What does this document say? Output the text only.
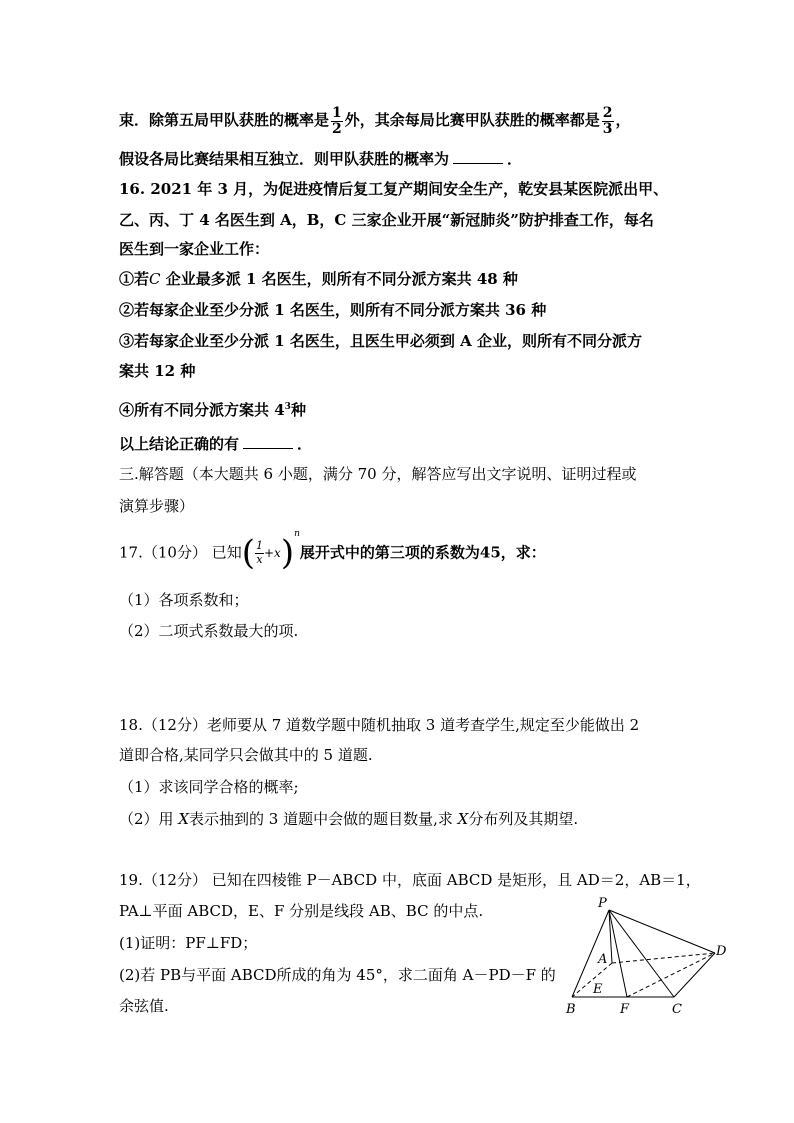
束．除第五局甲队获胜的概率是 $\frac{1}{2}$ 外，其余每局比赛甲队获胜的概率都是 $\frac{2}{3}$ ，
假设各局比赛结果相互独立．则甲队获胜的概率为	．
16. 2021 年 3 月，为促进疫情后复工复产期间安全生产，乾安县某医院派出甲、
乙、丙、丁 4 名医生到 A，B，C 三家企业开展“新冠肺炎”防护排查工作，每名
医生到一家企业工作：
①若C 企业最多派 1 名医生，则所有不同分派方案共 48 种
②若每家企业至少分派 1 名医生，则所有不同分派方案共 36 种
③若每家企业至少分派 1 名医生，且医生甲必须到 A 企业，则所有不同分派方
案共 12 种
④所有不同分派方案共 $4^3$种
以上结论正确的有	．
三.解答题（本大题共 6 小题，满分 70 分，解答应写出文字说明、证明过程或
演算步骤）
17.（10分） 已知( $\frac{1}{x} +x)^n$展开式中的第三项的系数为45，求：
（1）各项系数和；
（2）二项式系数最大的项.
18.（12分）老师要从 7 道数学题中随机抽取 3 道考查学生,规定至少能做出 2
道即合格,某同学只会做其中的 5 道题.
（1）求该同学合格的概率;
（2）用 X表示抽到的 3 道题中会做的题目数量,求 X分布列及其期望.
19.（12分） 已知在四棱锥 P－ABCD 中，底面 ABCD 是矩形，且 AD＝2，AB＝1，
PA⊥平面 ABCD，E、F 分别是线段 AB、BC 的中点.
(1)证明：PF⊥FD；
(2)若 PB与平面 ABCD所成的角为 45°，求二面角 A－PD－F 的
余弦值.
P
A
B	F	C
D
E
